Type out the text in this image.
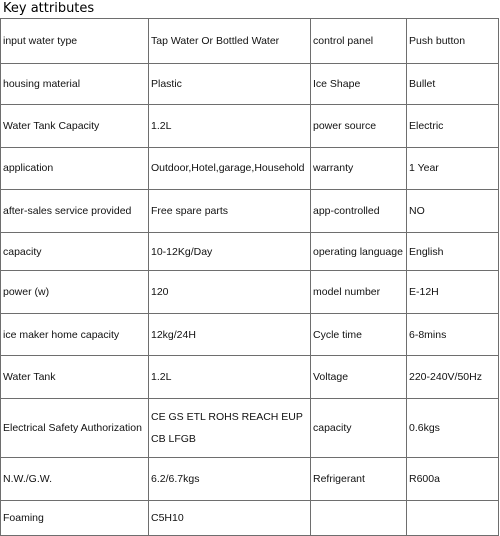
Key attributes
input water type	Tap Water Or Bottled Water	control panel	Push button
housing material	Plastic	Ice Shape	Bullet
Water Tank Capacity	1.2L	power source	Electric
application	Outdoor,Hotel,garage,Household	warranty	1 Year
after-sales service provided	Free spare parts	app-controlled	NO
capacity	10-12Kg/Day	operating language	English
power (w)	120	model number	E-12H
ice maker home capacity	12kg/24H	Cycle time	6-8mins
Water Tank	1.2L	Voltage	220-240V/50Hz
Electrical Safety Authorization	CE GS ETL ROHS REACH EUP CB LFGB	capacity	0.6kgs
N.W./G.W.	6.2/6.7kgs	Refrigerant	R600a
Foaming	C5H10		
